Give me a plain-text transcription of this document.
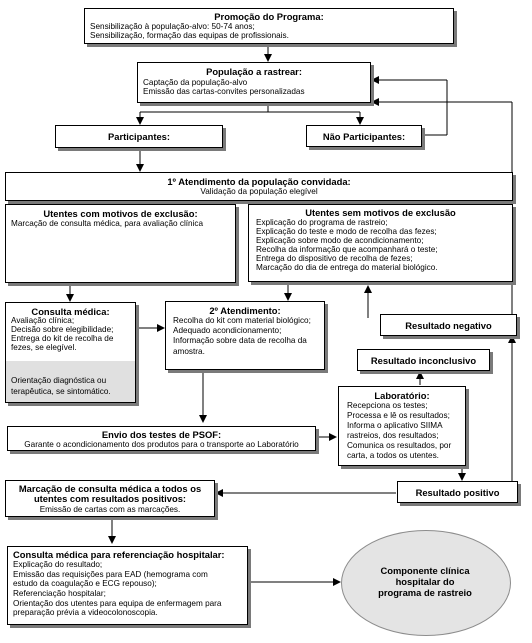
Promoção do Programa:
Sensibilização à população-alvo: 50-74 anos;
Sensibilização, formação das equipas de profissionais.
População a rastrear:
Captação da população-alvo
Emissão das cartas-convites personalizadas
Participantes:	Não Participantes:
1º Atendimento da população convidada:
Validação da população elegível
Utentes com motivos de exclusão:
Marcação de consulta médica, para avaliação clínica
Utentes sem motivos de exclusão
Explicação do programa de rastreio;
Explicação do teste e modo de recolha das fezes;
Explicação sobre modo de acondicionamento;
Recolha da informação que acompanhará o teste;
Entrega do dispositivo de recolha de fezes;
Marcação do dia de entrega do material biológico.
Consulta médica:
Avaliação clínica;
Decisão sobre elegibilidade;
Entrega do kit de recolha de
fezes, se elegível.
Orientação diagnóstica ou
terapêutica, se sintomático.
2º Atendimento:
Recolha do kit com material biológico;
Adequado acondicionamento;
Informação sobre data de recolha da
amostra.
Resultado negativo
Resultado inconclusivo
Laboratório:
Recepciona os testes;
Processa e lê os resultados;
Informa o aplicativo SIIMA
rastreios, dos resultados;
Comunica os resultados, por
carta, a todos os utentes.
Envio dos testes de PSOF:
Garante o acondicionamento dos produtos para o transporte ao Laboratório
Resultado positivo
Marcação de consulta médica a todos os
utentes com resultados positivos:
Emissão de cartas com as marcações.
Consulta médica para referenciação hospitalar:
Explicação do resultado;
Emissão das requisições para EAD (hemograma com
estudo da coagulação e ECG repouso);
Referenciação hospitalar;
Orientação dos utentes para equipa de enfermagem para
preparação prévia a videocolonoscopia.
Componente clínica
hospitalar do
programa de rastreio
